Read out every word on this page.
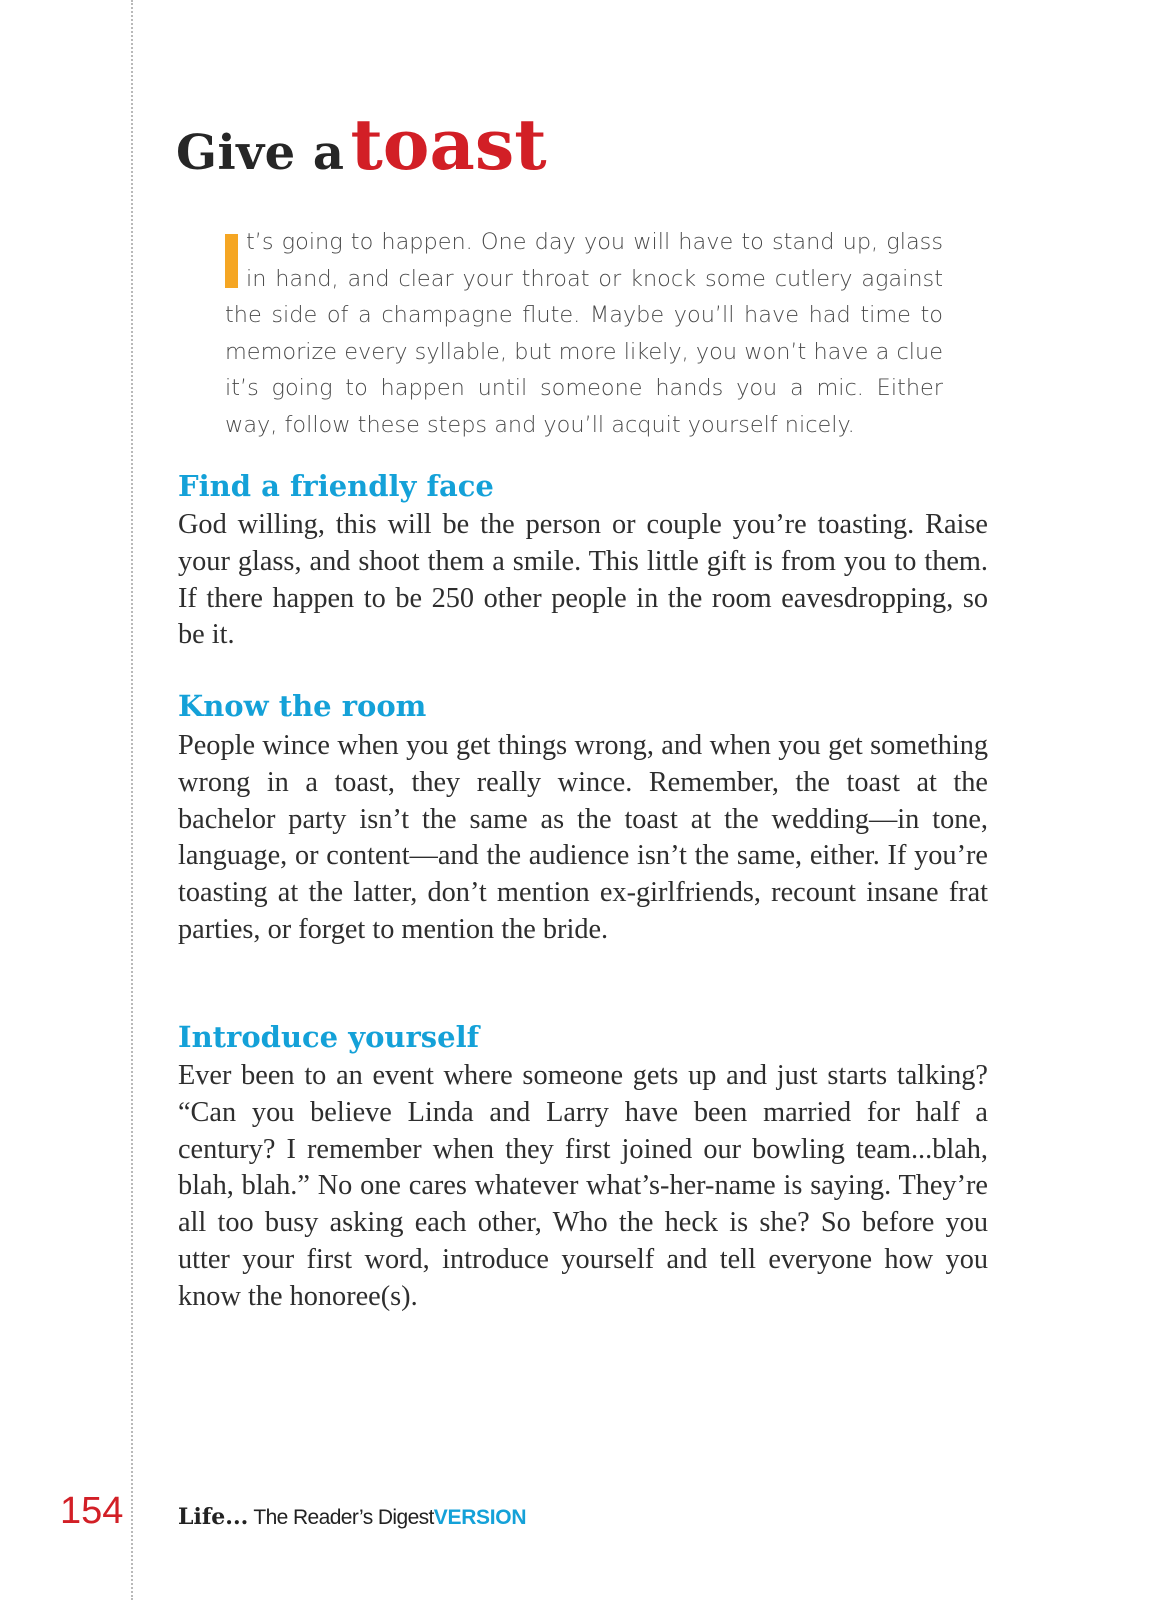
Give atoast

t’s going to happen. One day you will have to stand up, glass in hand, and clear your throat or knock some cutlery against the side of a champagne flute. Maybe you’ll have had time to memorize every syllable, but more likely, you won’t have a clue it’s going to happen until someone hands you a mic. Either way, follow these steps and you’ll acquit yourself nicely.

Find a friendly face

God willing, this will be the person or couple you’re toasting. Raise your glass, and shoot them a smile. This little gift is from you to them. If there happen to be 250 other people in the room eavesdropping, so be it.

Know the room

People wince when you get things wrong, and when you get something wrong in a toast, they really wince. Remember, the toast at the bachelor party isn’t the same as the toast at the wedding—in tone, language, or content—and the audience isn’t the same, either. If you’re toasting at the latter, don’t mention ex-girlfriends, recount insane frat parties, or forget to mention the bride.

Introduce yourself

Ever been to an event where someone gets up and just starts talking? “Can you believe Linda and Larry have been married for half a century? I remember when they first joined our bowling team...blah, blah, blah.” No one cares whatever what’s-her-name is saying. They’re all too busy asking each other, Who the heck is she? So before you utter your first word, introduce yourself and tell everyone how you know the honoree(s).

154 Life... The Reader’s DigestVERSION
